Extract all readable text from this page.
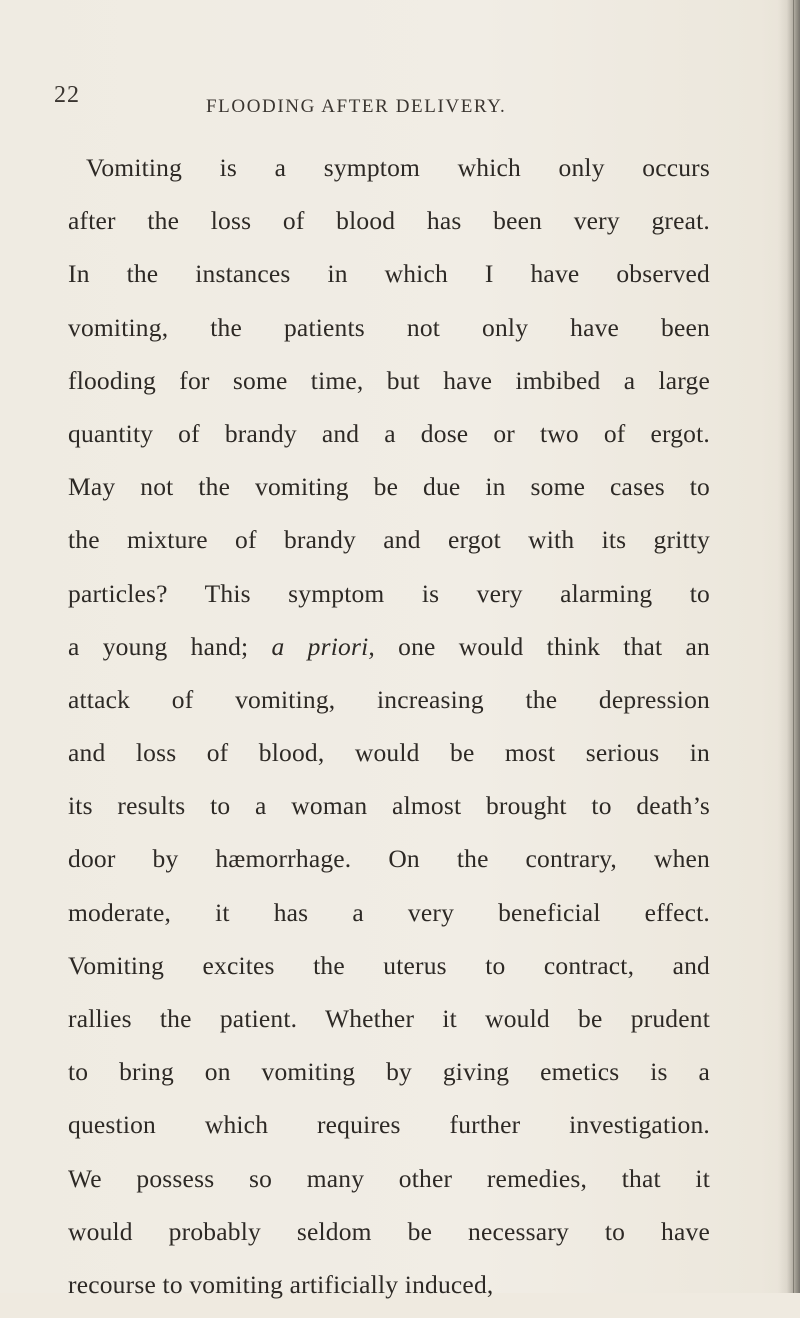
22	FLOODING AFTER DELIVERY.
Vomiting is a symptom which only occurs
after the loss of blood has been very great.
In the instances in which I have observed
vomiting, the patients not only have been
flooding for some time, but have imbibed a large
quantity of brandy and a dose or two of ergot.
May not the vomiting be due in some cases to
the mixture of brandy and ergot with its gritty
particles? This symptom is very alarming to
a young hand; a priori, one would think that an
attack of vomiting, increasing the depression
and loss of blood, would be most serious in
its results to a woman almost brought to death’s
door by hæmorrhage. On the contrary, when
moderate, it has a very beneficial effect.
Vomiting excites the uterus to contract, and
rallies the patient. Whether it would be prudent
to bring on vomiting by giving emetics is a
question which requires further investigation.
We possess so many other remedies, that it
would probably seldom be necessary to have
recourse to vomiting artificially induced,
